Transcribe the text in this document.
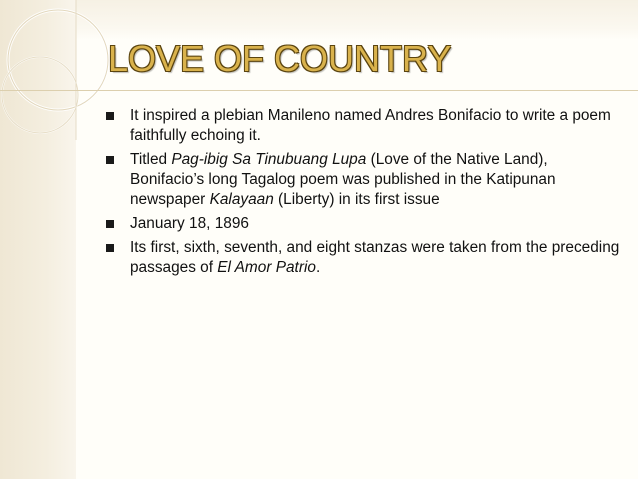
LOVE OF COUNTRY
It inspired a plebian Manileno named Andres Bonifacio to write a poem faithfully echoing it.
Titled Pag-ibig Sa Tinubuang Lupa (Love of the Native Land), Bonifacio’s long Tagalog poem was published in the Katipunan newspaper Kalayaan (Liberty) in its first issue
January 18, 1896
Its first, sixth, seventh, and eight stanzas were taken from the preceding passages of El Amor Patrio.
